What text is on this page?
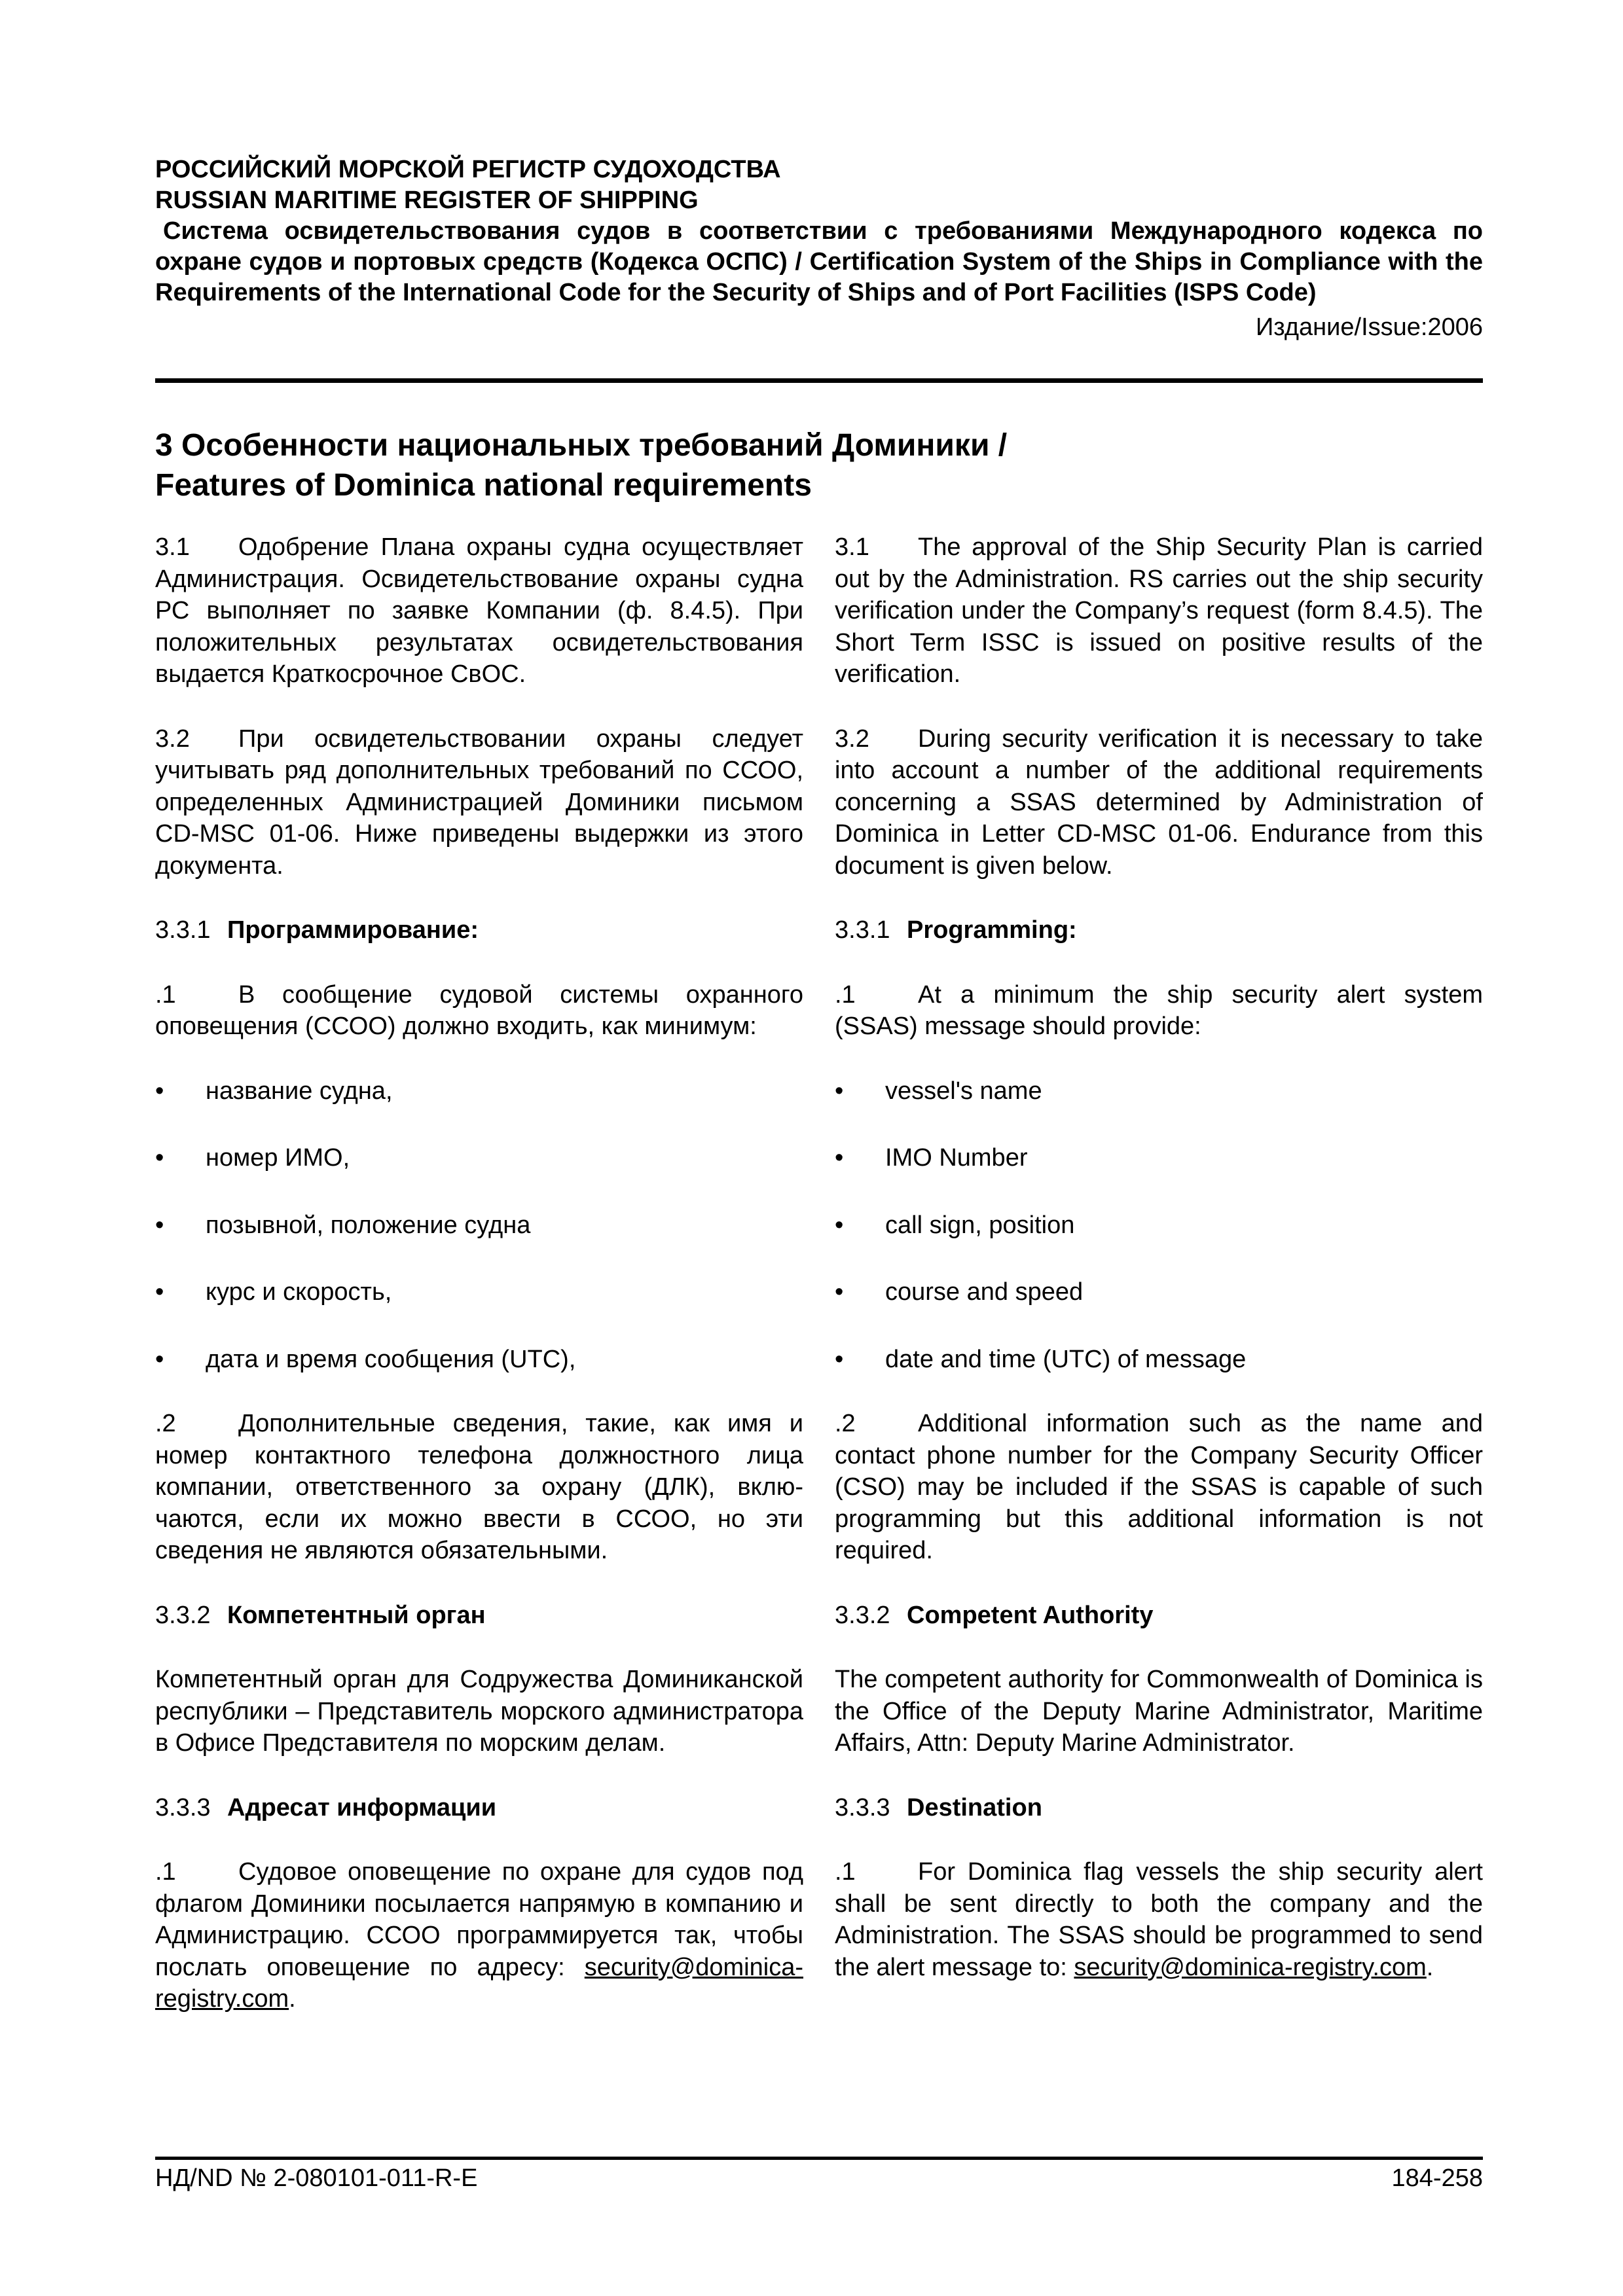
РОССИЙСКИЙ МОРСКОЙ РЕГИСТР СУДОХОДСТВА

RUSSIAN MARITIME REGISTER OF SHIPPING

Система освидетельствования судов в соответствии с требованиями Международного кодекса по охране судов и портовых средств (Кодекса ОСПС) / Certification System of the Ships in Compliance with the Requirements of the International Code for the Security of Ships and of Port Facilities (ISPS Code)

Издание/Issue:2006
3 Особенности национальных требований Доминики /
Features of Dominica national requirements
3.1 Одобрение Плана охраны судна осуществляет Администрация. Освидетельствование охраны судна РС выполняет по заявке Компании (ф. 8.4.5). При положительных результатах освидетельствования выдается Краткосрочное СвОС.
3.1 The approval of the Ship Security Plan is carried out by the Administration. RS carries out the ship security verification under the Company’s request (form 8.4.5). The Short Term ISSC is issued on positive results of the verification.
3.2 При освидетельствовании охраны следует учитывать ряд дополнительных требований по ССОО, определенных Администрацией Доминики письмом CD-MSC 01-06. Ниже приведены выдержки из этого документа.
3.2 During security verification it is necessary to take into account a number of the additional requirements concerning a SSAS determined by Administration of Dominica in Letter CD-MSC 01-06. Endurance from this document is given below.
3.3.1 Программирование:	3.3.1 Programming:
.1	В сообщение судовой системы охранного оповещения (ССОО) должно входить, как минимум:
.1	At a minimum the ship security alert system (SSAS) message should provide:
•	название судна,	•	vessel's name
•	номер ИМО,	•	IMO Number
•	позывной, положение судна	•	call sign, position
•	курс и скорость,	•	course and speed
•	дата и время сообщения (UTC),	•	date and time (UTC) of message
.2	Дополнительные сведения, такие, как имя и номер контактного телефона должностного лица компании, ответственного за охрану (ДЛК), включаются, если их можно ввести в ССОО, но эти сведения не являются обязательными.
.2	Additional information such as the name and contact phone number for the Company Security Officer (CSO) may be included if the SSAS is capable of such programming but this additional information is not required.
3.3.2 Компетентный орган	3.3.2 Competent Authority
Компетентный орган для Содружества Доминиканской республики – Представитель морского администратора в Офисе Представителя по морским делам.
The competent authority for Commonwealth of Dominica is the Office of the Deputy Marine Administrator, Maritime Affairs, Attn: Deputy Marine Administrator.
3.3.3 Адресат информации	3.3.3 Destination
.1	Судовое оповещение по охране для судов под флагом Доминики посылается напрямую в компанию и Администрацию. ССОО программируется так, чтобы послать оповещение по адресу: security@dominica-registry.com.
.1	For Dominica flag vessels the ship security alert shall be sent directly to both the company and the Administration. The SSAS should be programmed to send the alert message to: security@dominica-registry.com.
НД/ND № 2-080101-011-R-E	184-258
